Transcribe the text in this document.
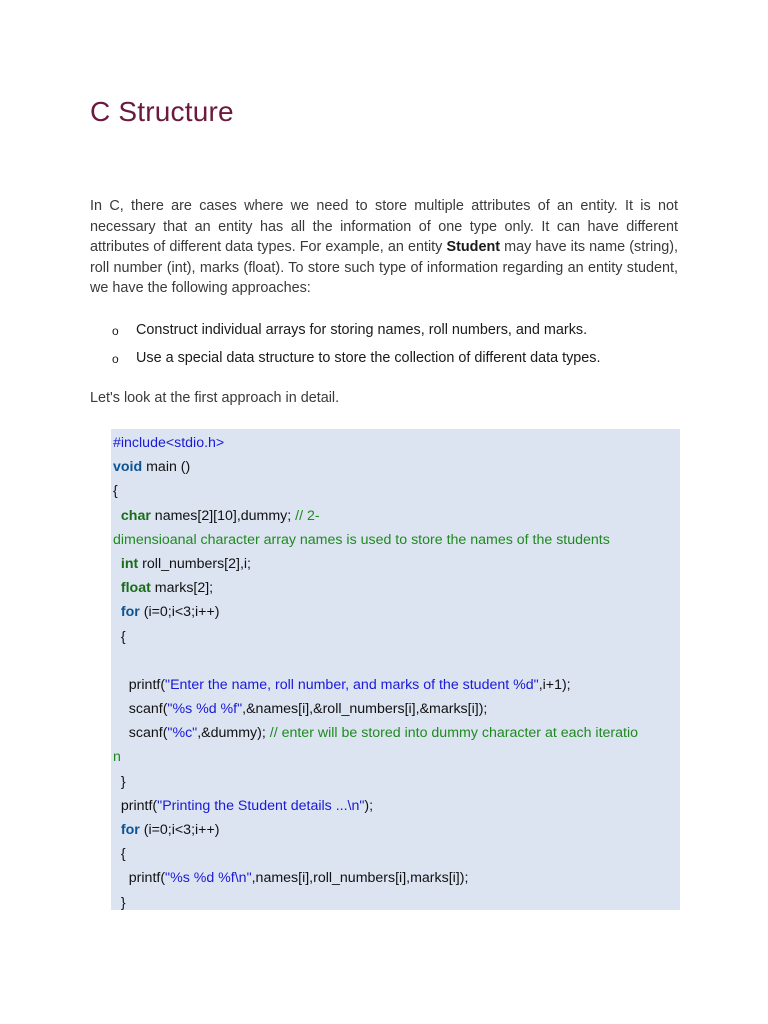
C Structure

In C, there are cases where we need to store multiple attributes of an entity. It is not necessary that an entity has all the information of one type only. It can have different attributes of different data types. For example, an entity Student may have its name (string), roll number (int), marks (float). To store such type of information regarding an entity student, we have the following approaches:

o Construct individual arrays for storing names, roll numbers, and marks.
o Use a special data structure to store the collection of different data types.

Let's look at the first approach in detail.

#include<stdio.h>
void main ()
{
char names[2][10],dummy; // 2-
dimensioanal character array names is used to store the names of the students
int roll_numbers[2],i;
float marks[2];
for (i=0;i<3;i++)
{

printf("Enter the name, roll number, and marks of the student %d",i+1);
scanf("%s %d %f",&names[i],&roll_numbers[i],&marks[i]);
scanf("%c",&dummy); // enter will be stored into dummy character at each iteratio
n
}
printf("Printing the Student details ...\n");
for (i=0;i<3;i++)
{
printf("%s %d %f\n",names[i],roll_numbers[i],marks[i]);
}
